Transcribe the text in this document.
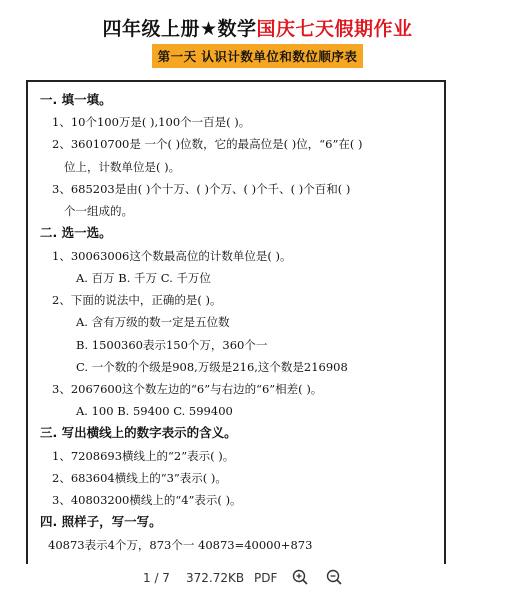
四年级上册★数学国庆七天假期作业
第一天 认识计数单位和数位顺序表
一. 填一填。
1、10个100万是( ),100个一百是( )。
2、36010700是 一个( )位数，它的最高位是( )位，“6”在( )
位上，计数单位是( )。
3、685203是由( )个十万、( )个万、( )个千、( )个百和( )
个一组成的。
二. 选一选。
1、30063006这个数最高位的计数单位是( )。
A. 百万 B. 千万 C. 千万位
2、下面的说法中，正确的是( )。
A. 含有万级的数一定是五位数
B. 1500360表示150个万，360个一
C. 一个数的个级是908,万级是216,这个数是216908
3、2067600这个数左边的“6”与右边的“6”相差( )。
A. 100 B. 59400 C. 599400
三. 写出横线上的数字表示的含义。
1、7208693横线上的“2”表示( )。
2、683604横线上的“3”表示( )。
3、40803200横线上的“4”表示( )。
四. 照样子，写一写。
40873表示4个万，873个一 40873=40000+873
1 / 7 372.72KB PDF
